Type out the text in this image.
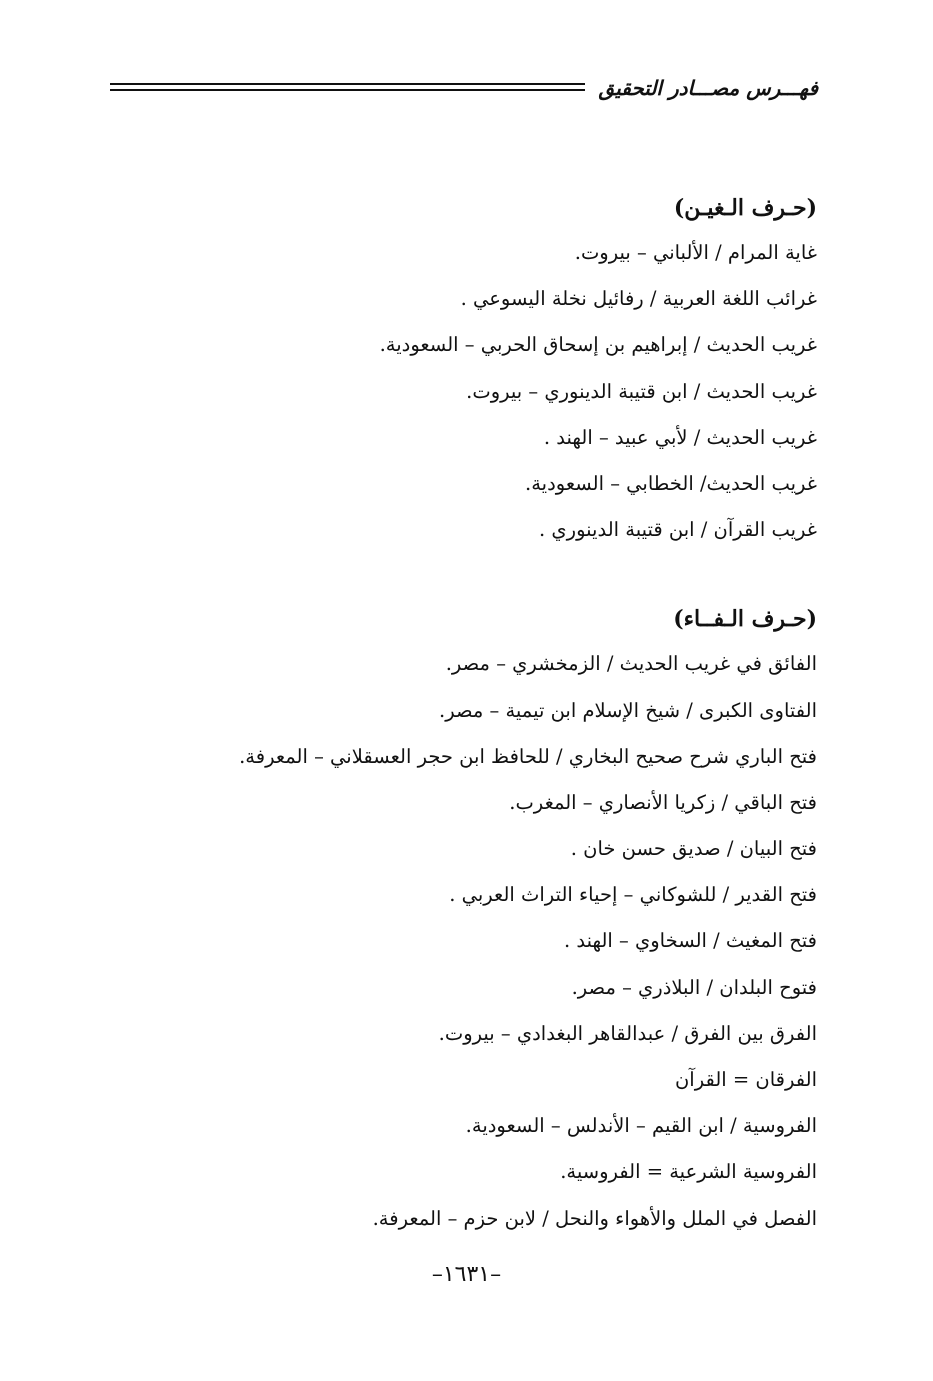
فهـــرس مصـــادر التحقيق
(حـرف الـغيـن)
غاية المرام / الألباني – بيروت.
غرائب اللغة العربية / رفائيل نخلة اليسوعي .
غريب الحديث / إبراهيم بن إسحاق الحربي – السعودية.
غريب الحديث / ابن قتيبة الدينوري – بيروت.
غريب الحديث / لأبي عبيد – الهند .
غريب الحديث/ الخطابي – السعودية.
غريب القرآن / ابن قتيبة الدينوري .
(حـرف الـفــاء)
الفائق في غريب الحديث / الزمخشري – مصر.
الفتاوى الكبرى / شيخ الإسلام ابن تيمية – مصر.
فتح الباري شرح صحيح البخاري / للحافظ ابن حجر العسقلاني – المعرفة.
فتح الباقي / زكريا الأنصاري – المغرب.
فتح البيان / صديق حسن خان .
فتح القدير / للشوكاني – إحياء التراث العربي .
فتح المغيث / السخاوي – الهند .
فتوح البلدان / البلاذري – مصر.
الفرق بين الفرق / عبدالقاهر البغدادي – بيروت.
الفرقان = القرآن
الفروسية / ابن القيم – الأندلس – السعودية.
الفروسية الشرعية = الفروسية.
الفصل في الملل والأهواء والنحل / لابن حزم – المعرفة.
–١٦٣١–
